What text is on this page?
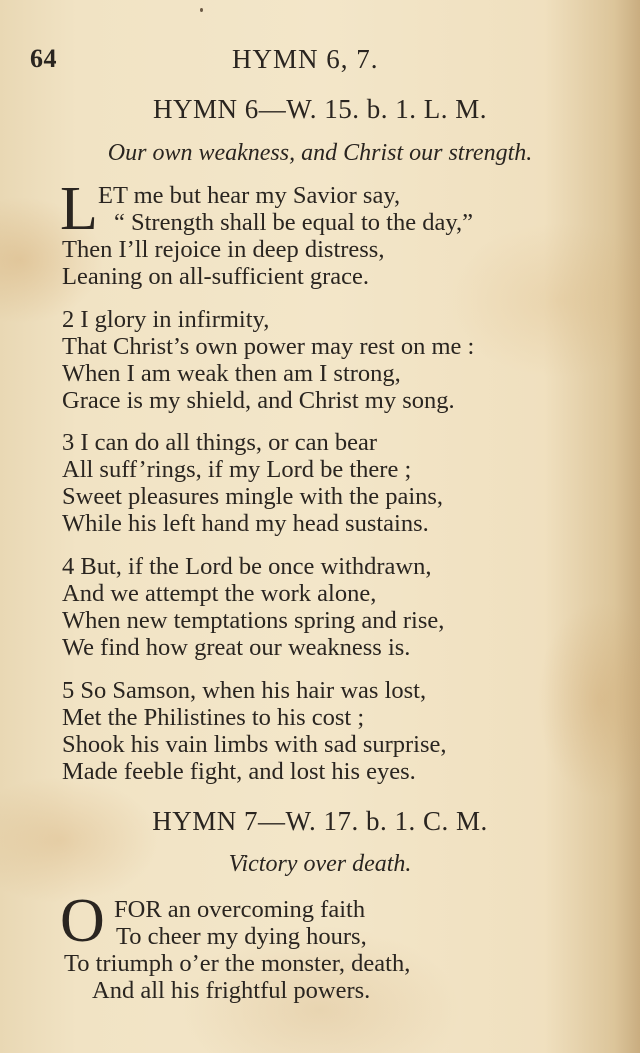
64	HYMN 6, 7.
HYMN 6—W. 15. b. 1. L. M.
Our own weakness, and Christ our strength.
L ET me but hear my Savior say,
“ Strength shall be equal to the day,”
Then I’ll rejoice in deep distress,
Leaning on all-sufficient grace.
2 I glory in infirmity,
That Christ’s own power may rest on me :
When I am weak then am I strong,
Grace is my shield, and Christ my song.
3 I can do all things, or can bear
All suff’rings, if my Lord be there ;
Sweet pleasures mingle with the pains,
While his left hand my head sustains.
4 But, if the Lord be once withdrawn,
And we attempt the work alone,
When new temptations spring and rise,
We find how great our weakness is.
5 So Samson, when his hair was lost,
Met the Philistines to his cost ;
Shook his vain limbs with sad surprise,
Made feeble fight, and lost his eyes.
HYMN 7—W. 17. b. 1. C. M.
Victory over death.
O FOR an overcoming faith
To cheer my dying hours,
To triumph o’er the monster, death,
And all his frightful powers.
